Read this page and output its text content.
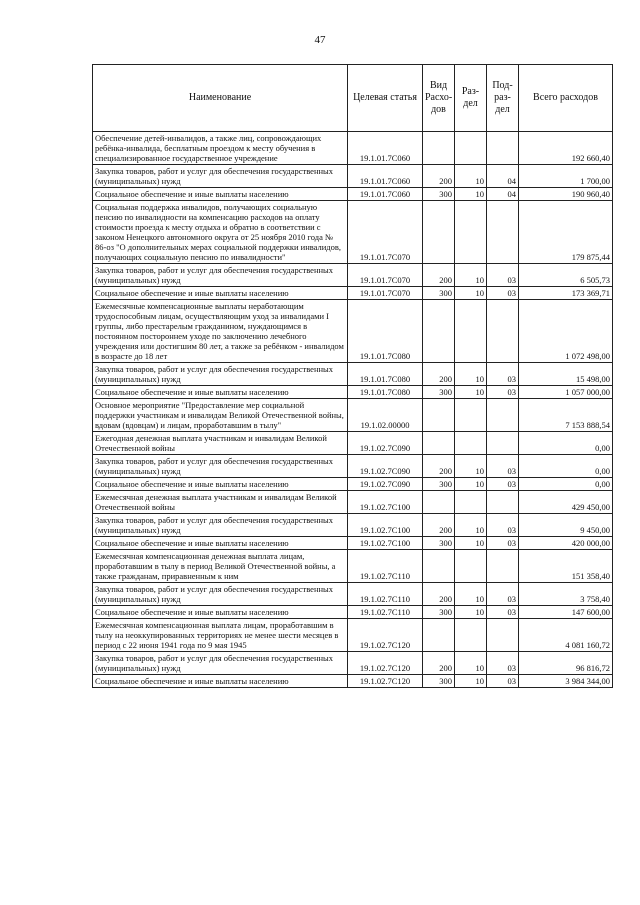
47
Наименование	Целевая статья	Вид Расхо- дов	Раз- дел	Под- раз- дел	Всего расходов
Обеспечение детей-инвалидов, а также лиц, сопровождающих ребёнка-инвалида, бесплатным проездом к месту обучения в специализированное государственное учреждение	19.1.01.7С060				192 660,40
Закупка товаров, работ и услуг для обеспечения государственных (муниципальных) нужд	19.1.01.7С060	200	10	04	1 700,00
Социальное обеспечение и иные выплаты населению	19.1.01.7С060	300	10	04	190 960,40
Социальная поддержка инвалидов, получающих социальную пенсию по инвалидности на компенсацию расходов на оплату стоимости проезда к месту отдыха и обратно в соответствии с законом Ненецкого автономного округа от 25 ноября 2010 года № 86-оз "О дополнительных мерах социальной поддержки инвалидов, получающих социальную пенсию по инвалидности"	19.1.01.7С070				179 875,44
Закупка товаров, работ и услуг для обеспечения государственных (муниципальных) нужд	19.1.01.7С070	200	10	03	6 505,73
Социальное обеспечение и иные выплаты населению	19.1.01.7С070	300	10	03	173 369,71
Ежемесячные компенсационные выплаты неработающим трудоспособным лицам, осуществляющим уход за инвалидами I группы, либо престарелым гражданином, нуждающимся в постоянном постороннем уходе по заключению лечебного учреждения или достигшим 80 лет, а также за ребёнком - инвалидом в возрасте до 18 лет	19.1.01.7С080				1 072 498,00
Закупка товаров, работ и услуг для обеспечения государственных (муниципальных) нужд	19.1.01.7С080	200	10	03	15 498,00
Социальное обеспечение и иные выплаты населению	19.1.01.7С080	300	10	03	1 057 000,00
Основное мероприятие "Предоставление мер социальной поддержки участникам и инвалидам Великой Отечественной войны, вдовам (вдовцам) и лицам, проработавшим в тылу"	19.1.02.00000				7 153 888,54
Ежегодная денежная выплата участникам и инвалидам Великой Отечественной войны	19.1.02.7С090				0,00
Закупка товаров, работ и услуг для обеспечения государственных (муниципальных) нужд	19.1.02.7С090	200	10	03	0,00
Социальное обеспечение и иные выплаты населению	19.1.02.7С090	300	10	03	0,00
Ежемесячная денежная выплата участникам и инвалидам Великой Отечественной войны	19.1.02.7С100				429 450,00
Закупка товаров, работ и услуг для обеспечения государственных (муниципальных) нужд	19.1.02.7С100	200	10	03	9 450,00
Социальное обеспечение и иные выплаты населению	19.1.02.7С100	300	10	03	420 000,00
Ежемесячная компенсационная денежная выплата лицам, проработавшим в тылу в период Великой Отечественной войны, а также гражданам, приравненным к ним	19.1.02.7С110				151 358,40
Закупка товаров, работ и услуг для обеспечения государственных (муниципальных) нужд	19.1.02.7С110	200	10	03	3 758,40
Социальное обеспечение и иные выплаты населению	19.1.02.7С110	300	10	03	147 600,00
Ежемесячная компенсационная выплата лицам, проработавшим в тылу на неоккупированных территориях не менее шести месяцев в период с 22 июня 1941 года по 9 мая 1945	19.1.02.7С120				4 081 160,72
Закупка товаров, работ и услуг для обеспечения государственных (муниципальных) нужд	19.1.02.7С120	200	10	03	96 816,72
Социальное обеспечение и иные выплаты населению	19.1.02.7С120	300	10	03	3 984 344,00
